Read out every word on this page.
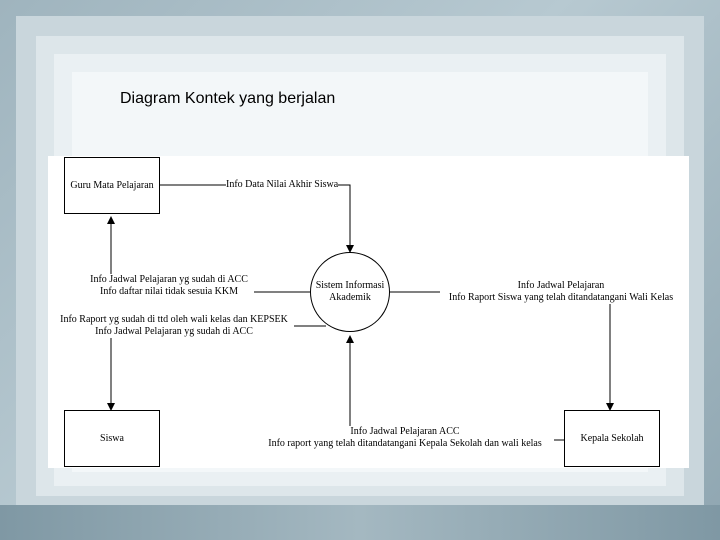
Diagram Kontek yang berjalan
Guru Mata Pelajaran
Siswa	Kepala Sekolah
Sistem Informasi
Akademik
Info Data Nilai Akhir Siswa
Info Jadwal Pelajaran yg sudah di ACC
Info daftar nilai tidak sesuia KKM
Info Raport yg sudah di ttd oleh wali kelas dan KEPSEK
Info Jadwal Pelajaran yg sudah di ACC
Info Jadwal Pelajaran
Info Raport Siswa yang telah ditandatangani Wali Kelas
Info Jadwal Pelajaran ACC
Info raport yang telah ditandatangani Kepala Sekolah dan wali kelas
